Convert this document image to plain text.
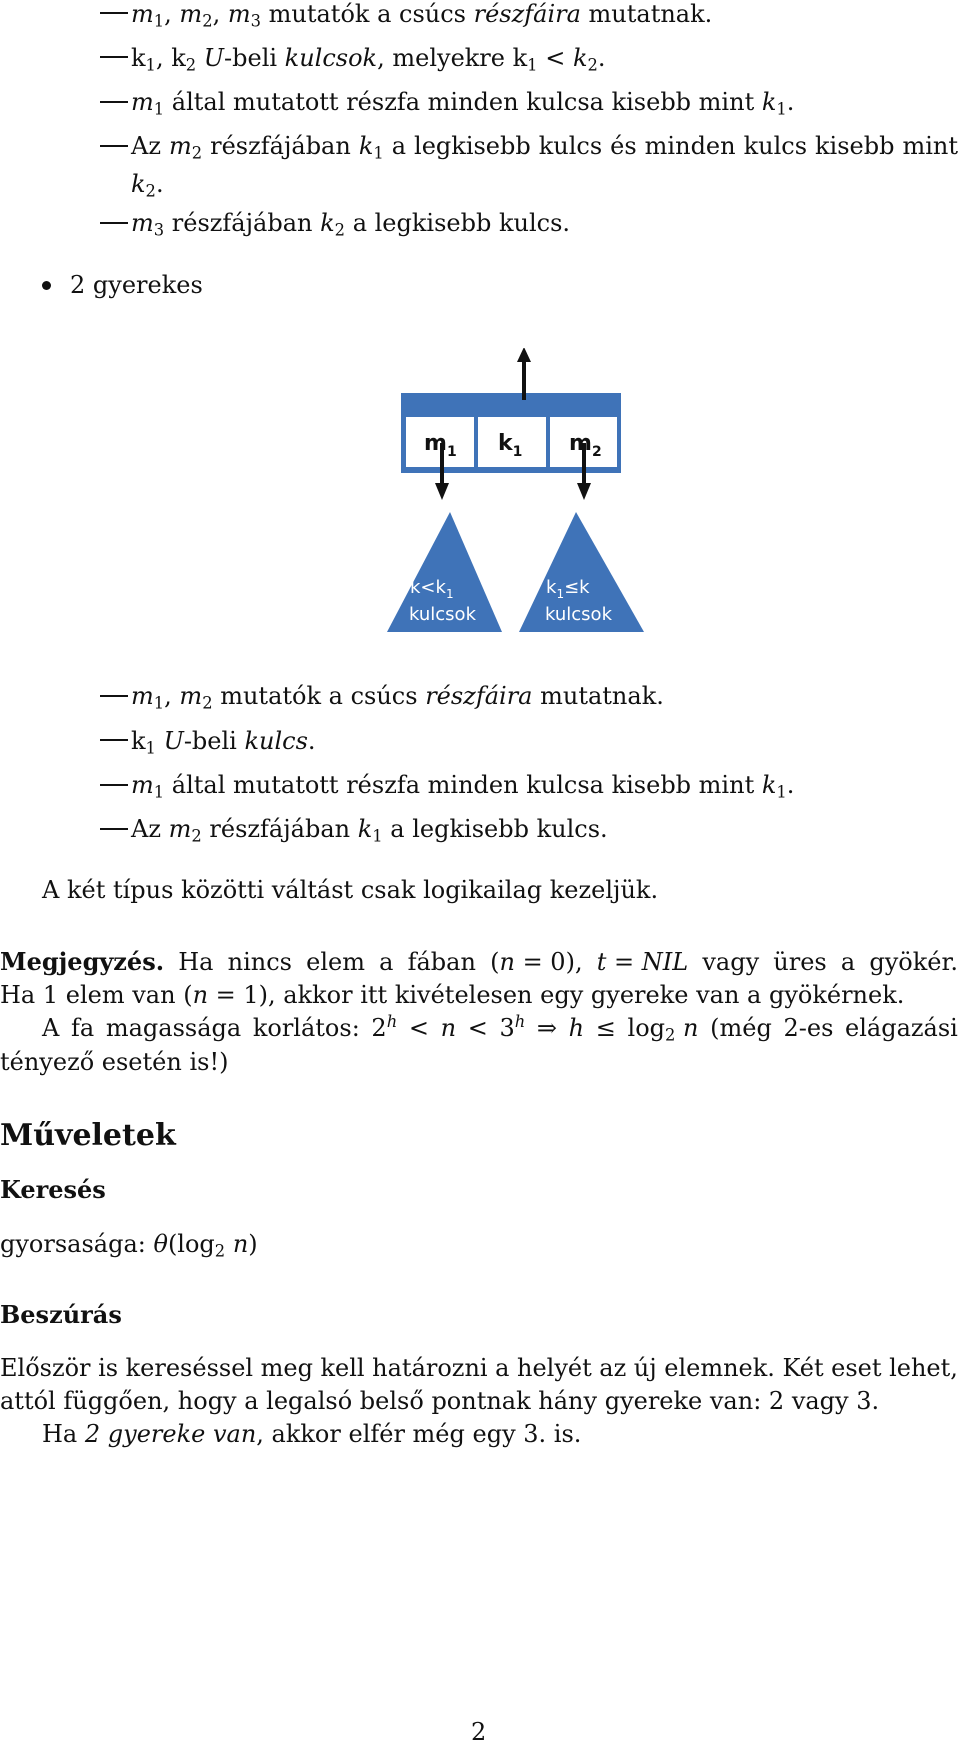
$m_1$, $m_2$, $m_3$ mutatók a csúcs részfáira mutatnak.
$k_1$, $k_2$ U-beli kulcsok, melyekre $k_1 < k_2$.
$m_1$ által mutatott részfa minden kulcsa kisebb mint $k_1$.
Az $m_2$ részfájában $k_1$ a legkisebb kulcs és minden kulcs kisebb mint
$k_2$.
$m_3$ részfájában $k_2$ a legkisebb kulcs.
2 gyerekes
$m_1$ $k_1$ $m_2$
$k<k_1$
kulcsok
$k_1\le k$
kulcsok
$m_1$, $m_2$ mutatók a csúcs részfáira mutatnak.
$k_1$ U-beli kulcs.
$m_1$ által mutatott részfa minden kulcsa kisebb mint $k_1$.
Az $m_2$ részfájában $k_1$ a legkisebb kulcs.
A két típus közötti váltást csak logikailag kezeljük.
Megjegyzés. Ha nincs elem a fában (n = 0), t = NIL vagy üres a gyökér.
Ha 1 elem van (n = 1), akkor itt kivételesen egy gyereke van a gyökérnek.
A fa magassága korlátos: $2^h < n < 3^h$ ⇒ $h \le \log_2 n$ (még 2-es elágazási
tényező esetén is!)
Műveletek
Keresés
gyorsasága: $\theta(\log_2$ n)
Beszúrás
Először is kereséssel meg kell határozni a helyét az új elemnek. Két eset lehet,
attól függően, hogy a legalsó belső pontnak hány gyereke van: 2 vagy 3.
Ha 2 gyereke van, akkor elfér még egy 3. is.
2
